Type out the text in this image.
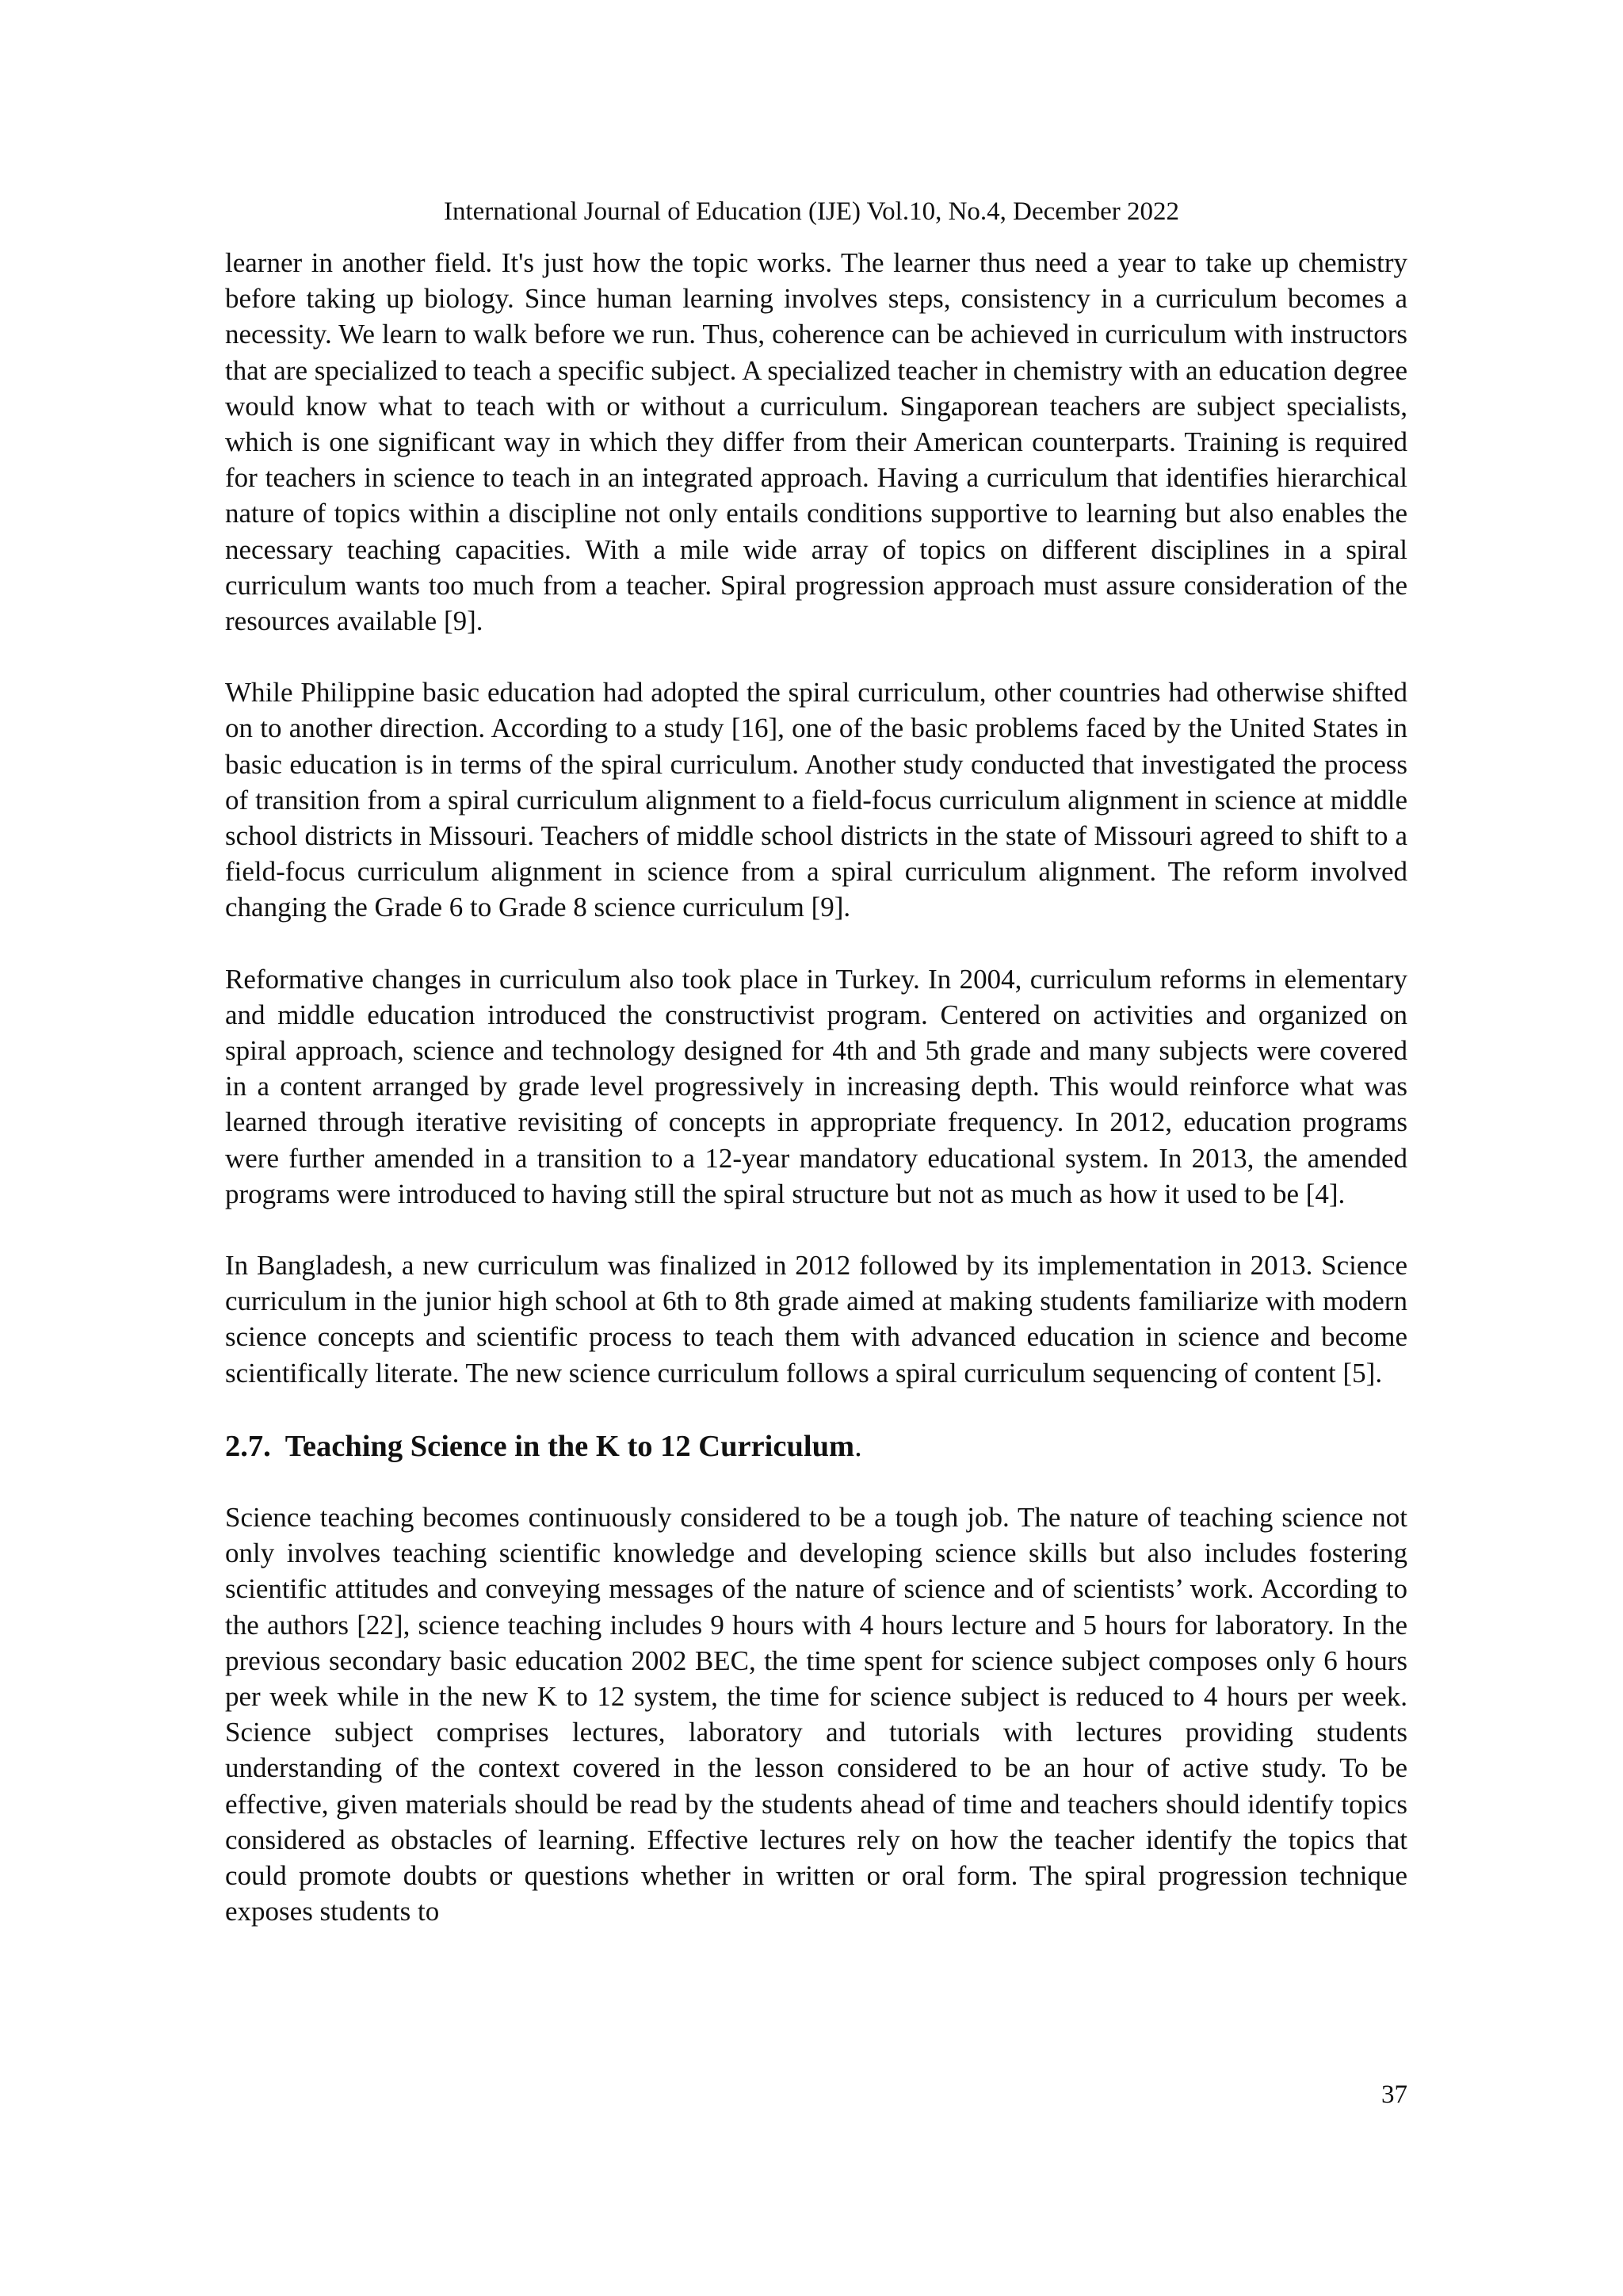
International Journal of Education (IJE) Vol.10, No.4, December 2022

learner in another field. It's just how the topic works. The learner thus need a year to take up chemistry before taking up biology. Since human learning involves steps, consistency in a curriculum becomes a necessity. We learn to walk before we run. Thus, coherence can be achieved in curriculum with instructors that are specialized to teach a specific subject. A specialized teacher in chemistry with an education degree would know what to teach with or without a curriculum. Singaporean teachers are subject specialists, which is one significant way in which they differ from their American counterparts. Training is required for teachers in science to teach in an integrated approach. Having a curriculum that identifies hierarchical nature of topics within a discipline not only entails conditions supportive to learning but also enables the necessary teaching capacities. With a mile wide array of topics on different disciplines in a spiral curriculum wants too much from a teacher. Spiral progression approach must assure consideration of the resources available [9].

While Philippine basic education had adopted the spiral curriculum, other countries had otherwise shifted on to another direction. According to a study [16], one of the basic problems faced by the United States in basic education is in terms of the spiral curriculum. Another study conducted that investigated the process of transition from a spiral curriculum alignment to a field-focus curriculum alignment in science at middle school districts in Missouri. Teachers of middle school districts in the state of Missouri agreed to shift to a field-focus curriculum alignment in science from a spiral curriculum alignment. The reform involved changing the Grade 6 to Grade 8 science curriculum [9].

Reformative changes in curriculum also took place in Turkey. In 2004, curriculum reforms in elementary and middle education introduced the constructivist program. Centered on activities and organized on spiral approach, science and technology designed for 4th and 5th grade and many subjects were covered in a content arranged by grade level progressively in increasing depth. This would reinforce what was learned through iterative revisiting of concepts in appropriate frequency. In 2012, education programs were further amended in a transition to a 12-year mandatory educational system. In 2013, the amended programs were introduced to having still the spiral structure but not as much as how it used to be [4].

In Bangladesh, a new curriculum was finalized in 2012 followed by its implementation in 2013. Science curriculum in the junior high school at 6th to 8th grade aimed at making students familiarize with modern science concepts and scientific process to teach them with advanced education in science and become scientifically literate. The new science curriculum follows a spiral curriculum sequencing of content [5].

2.7. Teaching Science in the K to 12 Curriculum.

Science teaching becomes continuously considered to be a tough job. The nature of teaching science not only involves teaching scientific knowledge and developing science skills but also includes fostering scientific attitudes and conveying messages of the nature of science and of scientists’ work. According to the authors [22], science teaching includes 9 hours with 4 hours lecture and 5 hours for laboratory. In the previous secondary basic education 2002 BEC, the time spent for science subject composes only 6 hours per week while in the new K to 12 system, the time for science subject is reduced to 4 hours per week. Science subject comprises lectures, laboratory and tutorials with lectures providing students understanding of the context covered in the lesson considered to be an hour of active study. To be effective, given materials should be read by the students ahead of time and teachers should identify topics considered as obstacles of learning. Effective lectures rely on how the teacher identify the topics that could promote doubts or questions whether in written or oral form. The spiral progression technique exposes students to

37
